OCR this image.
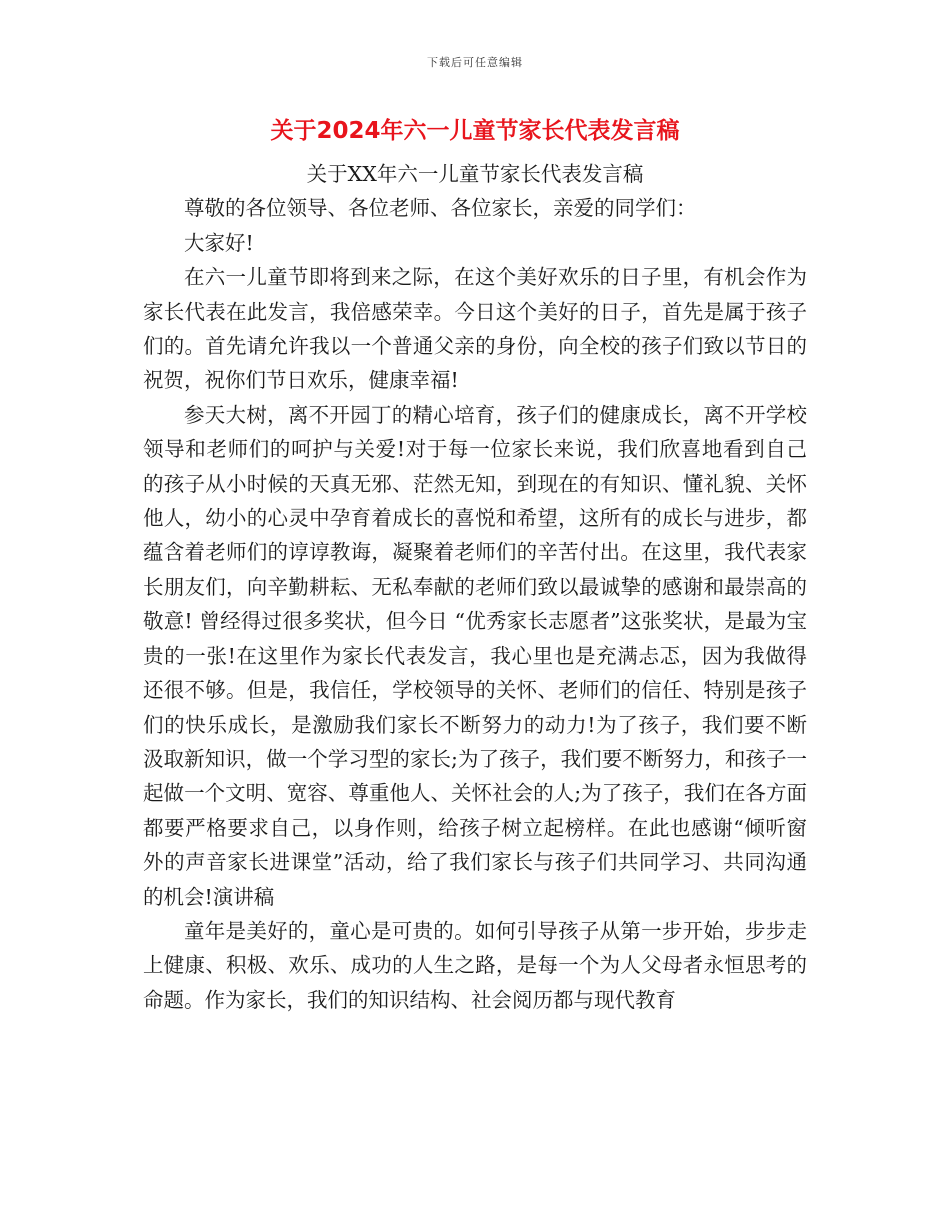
下载后可任意编辑
关于2024年六一儿童节家长代表发言稿

关于XX年六一儿童节家长代表发言稿

尊敬的各位领导、各位老师、各位家长，亲爱的同学们：

大家好!

在六一儿童节即将到来之际，在这个美好欢乐的日子里，有机会作为家长代表在此发言，我倍感荣幸。今日这个美好的日子，首先是属于孩子们的。首先请允许我以一个普通父亲的身份，向全校的孩子们致以节日的祝贺，祝你们节日欢乐，健康幸福!

参天大树，离不开园丁的精心培育，孩子们的健康成长，离不开学校领导和老师们的呵护与关爱!对于每一位家长来说，我们欣喜地看到自己的孩子从小时候的天真无邪、茫然无知，到现在的有知识、懂礼貌、关怀他人，幼小的心灵中孕育着成长的喜悦和希望，这所有的成长与进步，都蕴含着老师们的谆谆教诲，凝聚着老师们的辛苦付出。在这里，我代表家长朋友们，向辛勤耕耘、无私奉献的老师们致以最诚挚的感谢和最崇高的敬意! 曾经得过很多奖状，但今日 “优秀家长志愿者”这张奖状，是最为宝贵的一张!在这里作为家长代表发言，我心里也是充满忐忑，因为我做得还很不够。但是，我信任，学校领导的关怀、老师们的信任、特别是孩子们的快乐成长，是激励我们家长不断努力的动力!为了孩子，我们要不断汲取新知识，做一个学习型的家长;为了孩子，我们要不断努力，和孩子一起做一个文明、宽容、尊重他人、关怀社会的人;为了孩子，我们在各方面都要严格要求自己，以身作则，给孩子树立起榜样。在此也感谢“倾听窗外的声音家长进课堂”活动，给了我们家长与孩子们共同学习、共同沟通的机会!演讲稿

童年是美好的，童心是可贵的。如何引导孩子从第一步开始，步步走上健康、积极、欢乐、成功的人生之路，是每一个为人父母者永恒思考的命题。作为家长，我们的知识结构、社会阅历都与现代教育
